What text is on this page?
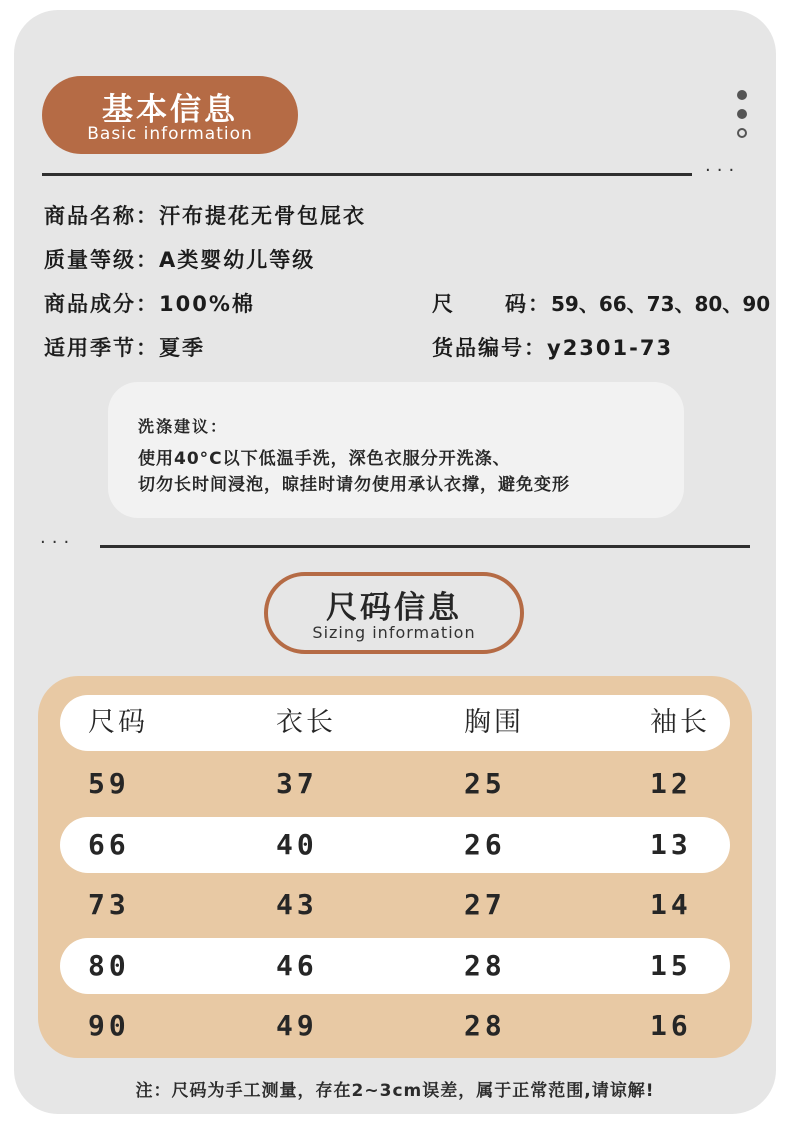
基本信息
Basic information
···
商品名称：汗布提花无骨包屁衣
质量等级：A类婴幼儿等级
商品成分：100%棉	尺 码：59、66、73、80、90
适用季节：夏季	货品编号：y2301-73
洗涤建议：
使用40°C以下低温手洗，深色衣服分开洗涤、
切勿长时间浸泡，晾挂时请勿使用承认衣撑，避免变形
···
尺码信息
Sizing information
尺码	衣长	胸围	袖长
59	37	25	12
66	40	26	13
73	43	27	14
80	46	28	15
90	49	28	16
注：尺码为手工测量，存在2~3cm误差，属于正常范围,请谅解!
